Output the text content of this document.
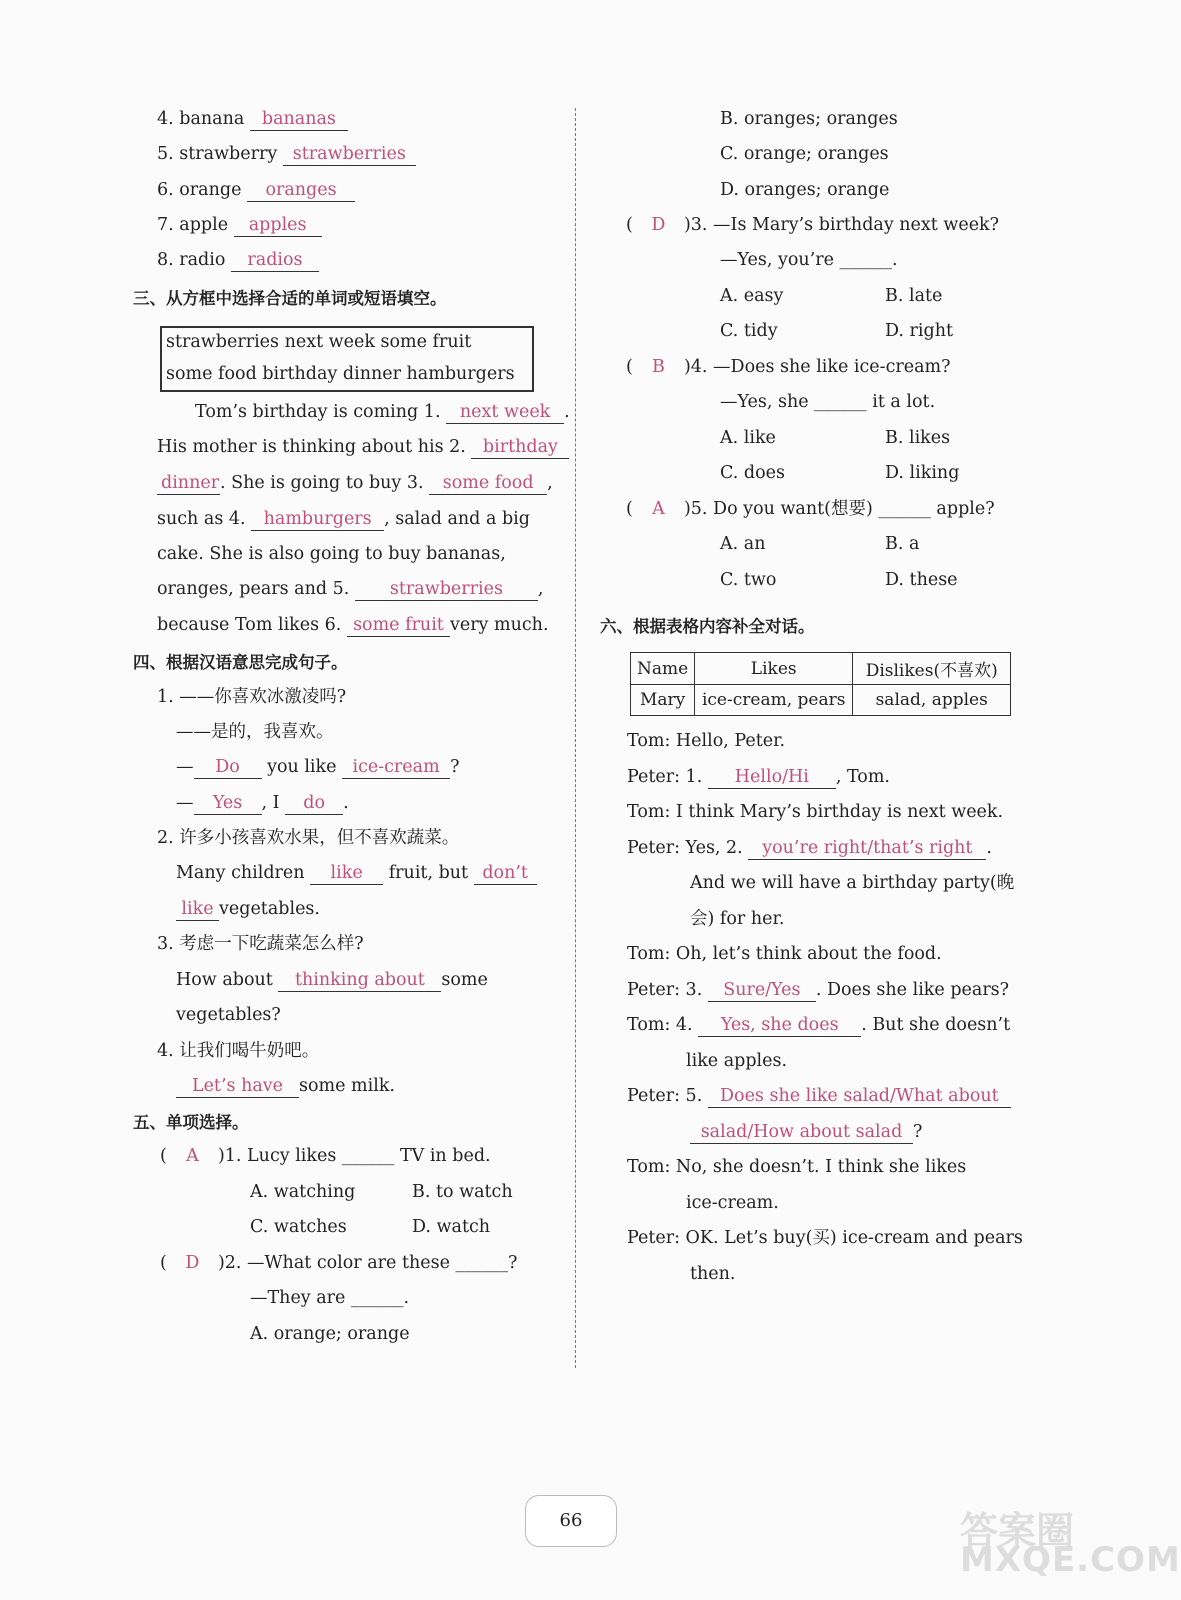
4. banana bananas
5. strawberry strawberries
6. orange oranges
7. apple apples
8. radio radios
三、从方框中选择合适的单词或短语填空。
strawberries next week some fruit
some food birthday dinner hamburgers
Tom’s birthday is coming 1. next week .
His mother is thinking about his 2. birthday
dinner. She is going to buy 3. some food ,
such as 4. hamburgers , salad and a big
cake. She is also going to buy bananas,
oranges, pears and 5. strawberries ,
because Tom likes 6. some fruit very much.
四、根据汉语意思完成句子。
1. ——你喜欢冰激凌吗?
——是的，我喜欢。
— Do you like ice-cream ?
— Yes , I do .
2. 许多小孩喜欢水果，但不喜欢蔬菜。
Many children like fruit, but don’t
like vegetables.
3. 考虑一下吃蔬菜怎么样?
How about thinking about some
vegetables?
4. 让我们喝牛奶吧。
Let’s have some milk.
五、单项选择。
( A )1. Lucy likes ______ TV in bed.
A. watching	B. to watch
C. watches	D. watch
( D )2. —What color are these ______?
—They are ______.
A. orange; orange
B. oranges; oranges
C. orange; oranges
D. oranges; orange
( D )3. —Is Mary’s birthday next week?
—Yes, you’re ______.
A. easy	B. late
C. tidy	D. right
( B )4. —Does she like ice-cream?
—Yes, she ______ it a lot.
A. like	B. likes
C. does	D. liking
( A )5. Do you want(想要) ______ apple?
A. an	B. a
C. two	D. these
六、根据表格内容补全对话。
Name	Likes	Dislikes(不喜欢)
Mary	ice-cream, pears	salad, apples
Tom: Hello, Peter.
Peter: 1. Hello/Hi , Tom.
Tom: I think Mary’s birthday is next week.
Peter: Yes, 2. you’re right/that’s right .
And we will have a birthday party(晚
会) for her.
Tom: Oh, let’s think about the food.
Peter: 3. Sure/Yes . Does she like pears?
Tom: 4. Yes, she does . But she doesn’t
like apples.
Peter: 5. Does she like salad/What about
salad/How about salad ?
Tom: No, she doesn’t. I think she likes
ice-cream.
Peter: OK. Let’s buy(买) ice-cream and pears
then.
66	答案圈
MXQE.COM
